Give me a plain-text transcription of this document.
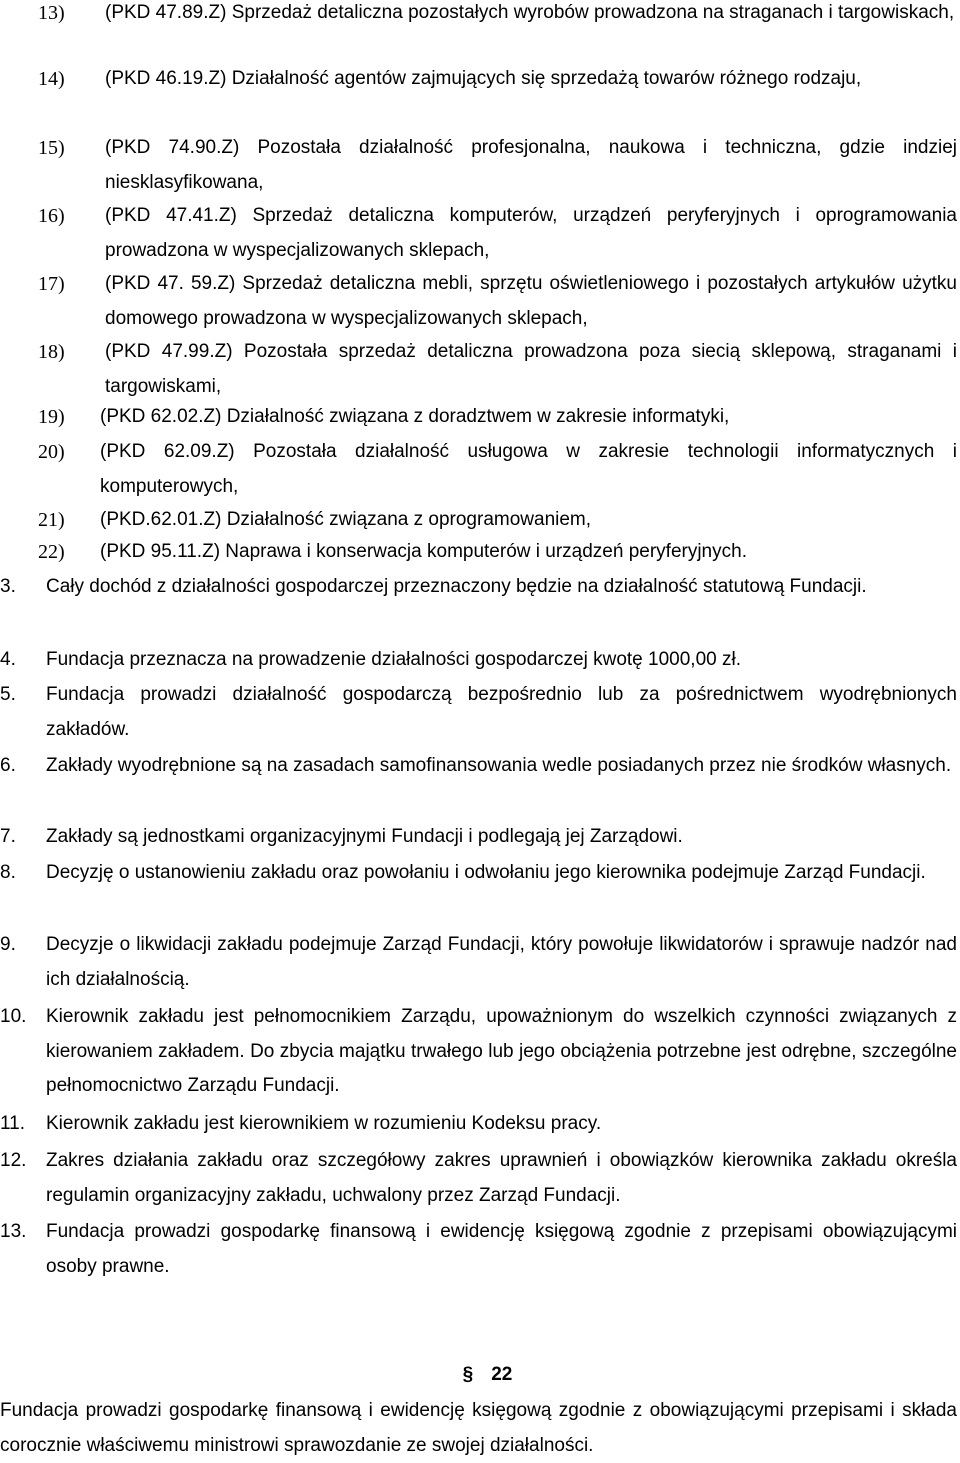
13) (PKD 47.89.Z) Sprzedaż detaliczna pozostałych wyrobów prowadzona na straganach i targowiskach,
14) (PKD 46.19.Z) Działalność agentów zajmujących się sprzedażą towarów różnego rodzaju,
15) (PKD 74.90.Z) Pozostała działalność profesjonalna, naukowa i techniczna, gdzie indziej niesklasyfikowana,
16) (PKD 47.41.Z) Sprzedaż detaliczna komputerów, urządzeń peryferyjnych i oprogramowania prowadzona w wyspecjalizowanych sklepach,
17) (PKD 47. 59.Z) Sprzedaż detaliczna mebli, sprzętu oświetleniowego i pozostałych artykułów użytku domowego prowadzona w wyspecjalizowanych sklepach,
18) (PKD 47.99.Z) Pozostała sprzedaż detaliczna prowadzona poza siecią sklepową, straganami i targowiskami,
19) (PKD 62.02.Z) Działalność związana z doradztwem w zakresie informatyki,
20) (PKD 62.09.Z) Pozostała działalność usługowa w zakresie technologii informatycznych i komputerowych,
21) (PKD.62.01.Z) Działalność związana z oprogramowaniem,
22) (PKD 95.11.Z) Naprawa i konserwacja komputerów i urządzeń peryferyjnych.
3. Cały dochód z działalności gospodarczej przeznaczony będzie na działalność statutową Fundacji.
4. Fundacja przeznacza na prowadzenie działalności gospodarczej kwotę 1000,00 zł.
5. Fundacja prowadzi działalność gospodarczą bezpośrednio lub za pośrednictwem wyodrębnionych zakładów.
6. Zakłady wyodrębnione są na zasadach samofinansowania wedle posiadanych przez nie środków własnych.
7. Zakłady są jednostkami organizacyjnymi Fundacji i podlegają jej Zarządowi.
8. Decyzję o ustanowieniu zakładu oraz powołaniu i odwołaniu jego kierownika podejmuje Zarząd Fundacji.
9. Decyzje o likwidacji zakładu podejmuje Zarząd Fundacji, który powołuje likwidatorów i sprawuje nadzór nad ich działalnością.
10. Kierownik zakładu jest pełnomocnikiem Zarządu, upoważnionym do wszelkich czynności związanych z kierowaniem zakładem. Do zbycia majątku trwałego lub jego obciążenia potrzebne jest odrębne, szczególne pełnomocnictwo Zarządu Fundacji.
11. Kierownik zakładu jest kierownikiem w rozumieniu Kodeksu pracy.
12. Zakres działania zakładu oraz szczegółowy zakres uprawnień i obowiązków kierownika zakładu określa regulamin organizacyjny zakładu, uchwalony przez Zarząd Fundacji.
13. Fundacja prowadzi gospodarkę finansową i ewidencję księgową zgodnie z przepisami obowiązującymi osoby prawne.
§ 22
Fundacja prowadzi gospodarkę finansową i ewidencję księgową zgodnie z obowiązującymi przepisami i składa corocznie właściwemu ministrowi sprawozdanie ze swojej działalności.
